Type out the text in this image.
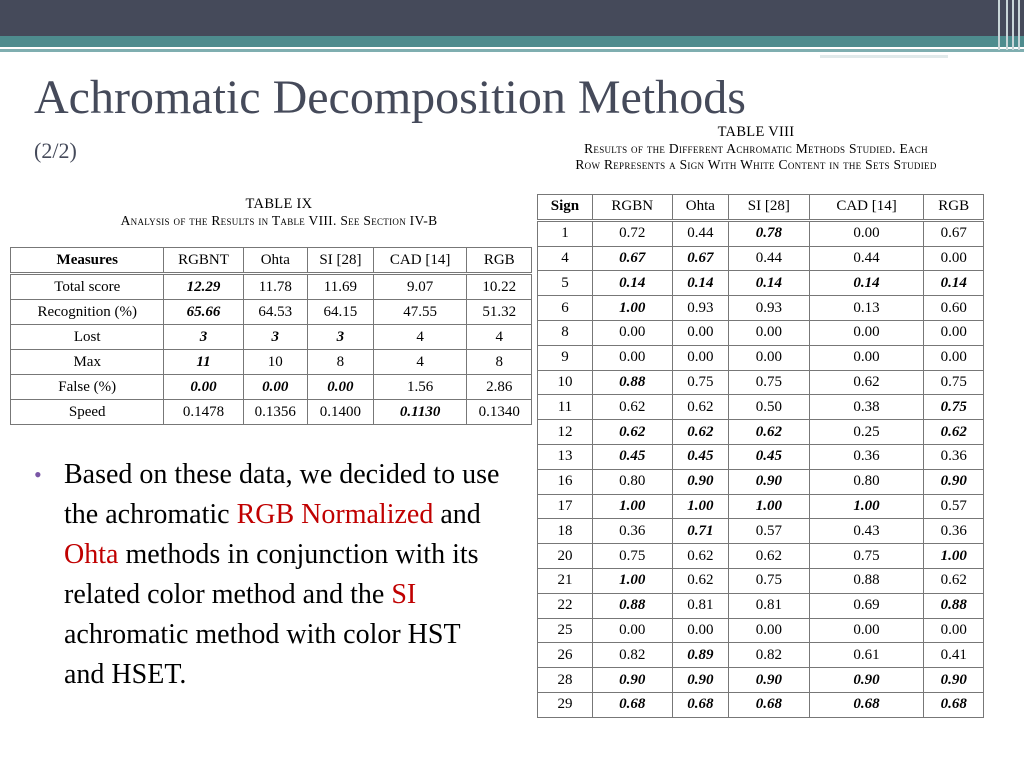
Achromatic Decomposition Methods
(2/2)
TABLE VIII
Results of the Different Achromatic Methods Studied. Each
Row Represents a Sign With White Content in the Sets Studied
TABLE IX
Analysis of the Results in Table VIII. See Section IV-B
Measures	RGBNT	Ohta	SI [28]	CAD [14]	RGB
Total score	12.29	11.78	11.69	9.07	10.22
Recognition (%)	65.66	64.53	64.15	47.55	51.32
Lost	3	3	3	4	4
Max	11	10	8	4	8
False (%)	0.00	0.00	0.00	1.56	2.86
Speed	0.1478	0.1356	0.1400	0.1130	0.1340
Sign	RGBN	Ohta	SI [28]	CAD [14]	RGB
1	0.72	0.44	0.78	0.00	0.67
4	0.67	0.67	0.44	0.44	0.00
5	0.14	0.14	0.14	0.14	0.14
6	1.00	0.93	0.93	0.13	0.60
8	0.00	0.00	0.00	0.00	0.00
9	0.00	0.00	0.00	0.00	0.00
10	0.88	0.75	0.75	0.62	0.75
11	0.62	0.62	0.50	0.38	0.75
12	0.62	0.62	0.62	0.25	0.62
13	0.45	0.45	0.45	0.36	0.36
16	0.80	0.90	0.90	0.80	0.90
17	1.00	1.00	1.00	1.00	0.57
18	0.36	0.71	0.57	0.43	0.36
20	0.75	0.62	0.62	0.75	1.00
21	1.00	0.62	0.75	0.88	0.62
22	0.88	0.81	0.81	0.69	0.88
25	0.00	0.00	0.00	0.00	0.00
26	0.82	0.89	0.82	0.61	0.41
28	0.90	0.90	0.90	0.90	0.90
29	0.68	0.68	0.68	0.68	0.68
• Based on these data, we decided to use the achromatic RGB Normalized and Ohta methods in conjunction with its related color method and the SI achromatic method with color HST and HSET.
